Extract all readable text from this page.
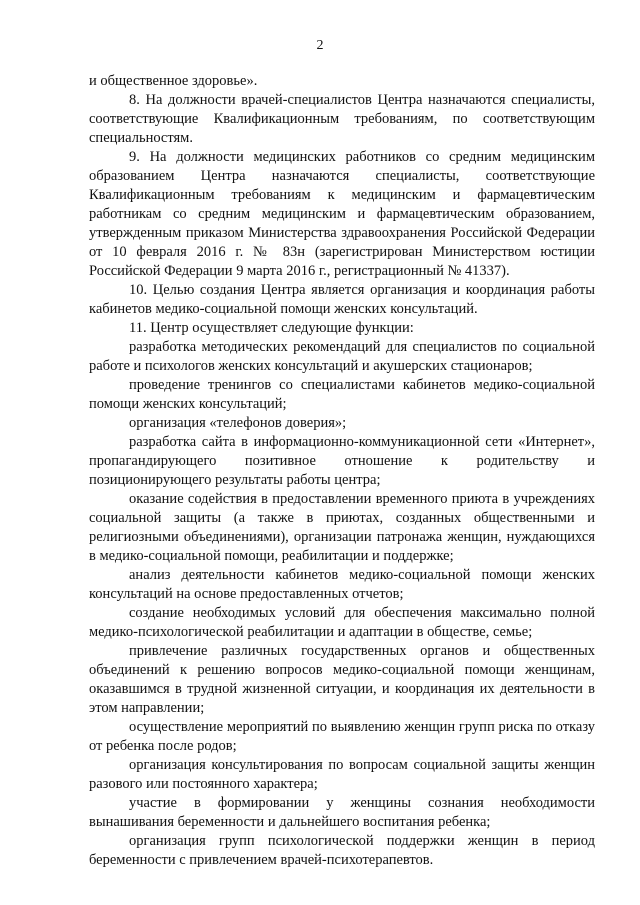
2

и общественное здоровье».

8. На должности врачей-специалистов Центра назначаются специалисты, соответствующие Квалификационным требованиям, по соответствующим специальностям.

9. На должности медицинских работников со средним медицинским образованием Центра назначаются специалисты, соответствующие Квалификационным требованиям к медицинским и фармацевтическим работникам со средним медицинским и фармацевтическим образованием, утвержденным приказом Министерства здравоохранения Российской Федерации от 10 февраля 2016 г. № 83н (зарегистрирован Министерством юстиции Российской Федерации 9 марта 2016 г., регистрационный № 41337).

10. Целью создания Центра является организация и координация работы кабинетов медико-социальной помощи женских консультаций.

11. Центр осуществляет следующие функции:

разработка методических рекомендаций для специалистов по социальной работе и психологов женских консультаций и акушерских стационаров;

проведение тренингов со специалистами кабинетов медико-социальной помощи женских консультаций;

организация «телефонов доверия»;

разработка сайта в информационно-коммуникационной сети «Интернет», пропагандирующего позитивное отношение к родительству и позиционирующего результаты работы центра;

оказание содействия в предоставлении временного приюта в учреждениях социальной защиты (а также в приютах, созданных общественными и религиозными объединениями), организации патронажа женщин, нуждающихся в медико-социальной помощи, реабилитации и поддержке;

анализ деятельности кабинетов медико-социальной помощи женских консультаций на основе предоставленных отчетов;

создание необходимых условий для обеспечения максимально полной медико-психологической реабилитации и адаптации в обществе, семье;

привлечение различных государственных органов и общественных объединений к решению вопросов медико-социальной помощи женщинам, оказавшимся в трудной жизненной ситуации, и координация их деятельности в этом направлении;

осуществление мероприятий по выявлению женщин групп риска по отказу от ребенка после родов;

организация консультирования по вопросам социальной защиты женщин разового или постоянного характера;

участие в формировании у женщины сознания необходимости вынашивания беременности и дальнейшего воспитания ребенка;

организация групп психологической поддержки женщин в период беременности с привлечением врачей-психотерапевтов.
